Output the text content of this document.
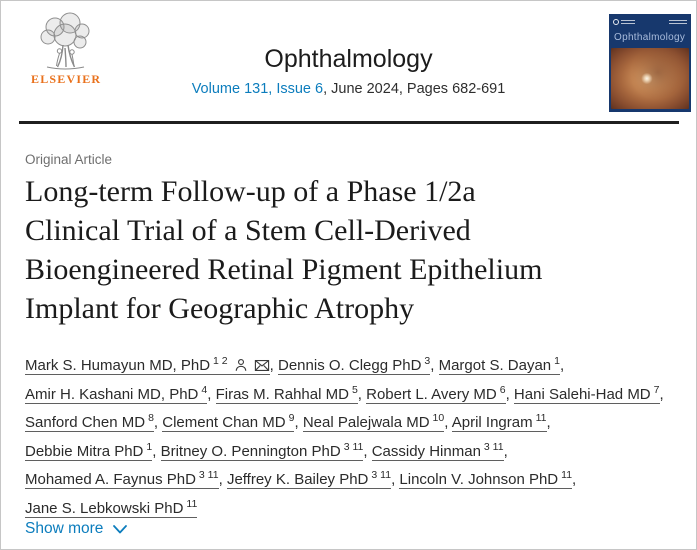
ELSEVIER
Ophthalmology
Volume 131, Issue 6, June 2024, Pages 682-691
Ophthalmology
Original Article
Long-term Follow-up of a Phase 1/2a
Clinical Trial of a Stem Cell-Derived
Bioengineered Retinal Pigment Epithelium
Implant for Geographic Atrophy
Mark S. Humayun MD, PhD $^{1 2}$	, Dennis O. Clegg PhD $^3$, Margot S. Dayan $^1$,
Amir H. Kashani MD, PhD $^4$, Firas M. Rahhal MD $^5$, Robert L. Avery MD $^6$, Hani Salehi-Had MD $^7$,
Sanford Chen MD $^8$, Clement Chan MD $^9$, Neal Palejwala MD $^{10}$, April Ingram $^{11}$,
Debbie Mitra PhD $^1$, Britney O. Pennington PhD $^{3 11}$, Cassidy Hinman $^{3 11}$,
Mohamed A. Faynus PhD $^{3 11}$, Jeffrey K. Bailey PhD $^{3 11}$, Lincoln V. Johnson PhD $^{11}$,
Jane S. Lebkowski PhD $^{11}$
Show more
